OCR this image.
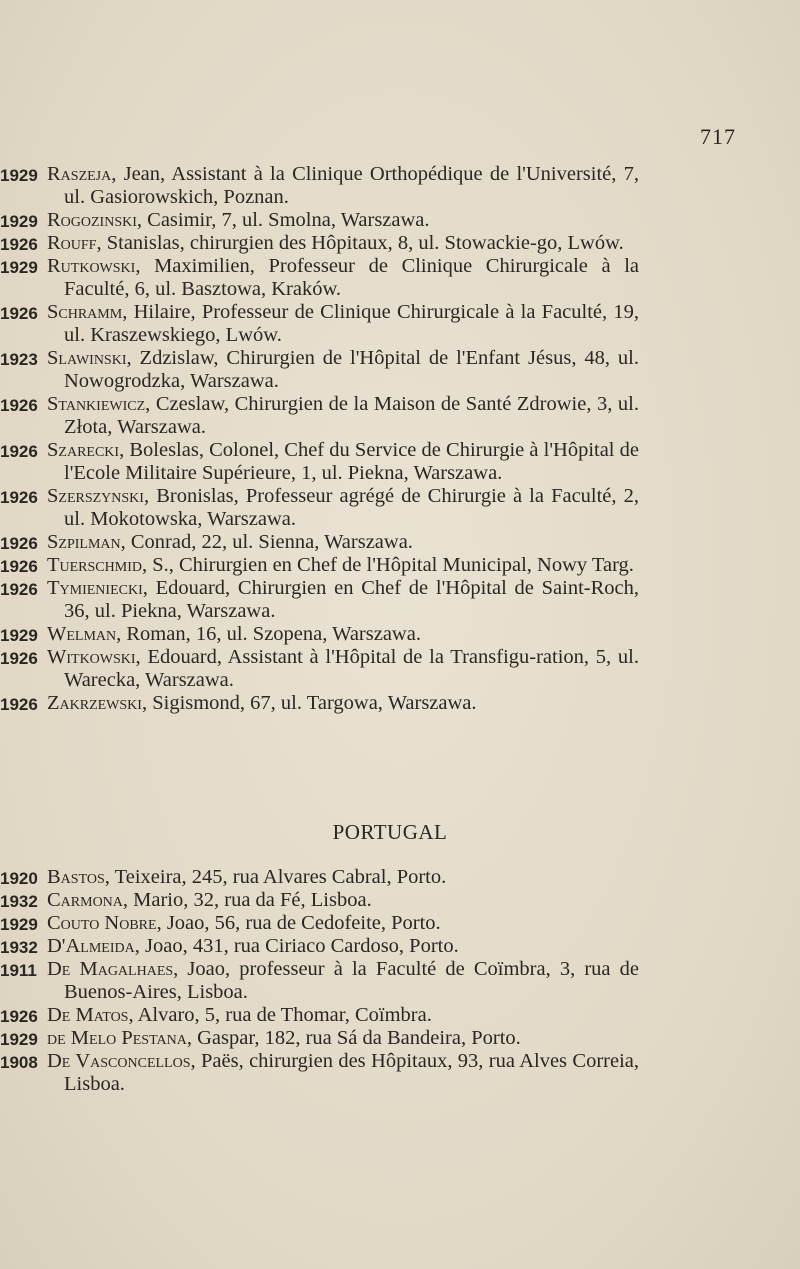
717
1929 Raszeja, Jean, Assistant à la Clinique Orthopédique de l'Université, 7, ul. Gasiorowskich, Poznan.
1929 Rogozinski, Casimir, 7, ul. Smolna, Warszawa.
1926 Rouff, Stanislas, chirurgien des Hôpitaux, 8, ul. Stowackie-go, Lwów.
1929 Rutkowski, Maximilien, Professeur de Clinique Chirurgicale à la Faculté, 6, ul. Basztowa, Kraków.
1926 Schramm, Hilaire, Professeur de Clinique Chirurgicale à la Faculté, 19, ul. Kraszewskiego, Lwów.
1923 Slawinski, Zdzislaw, Chirurgien de l'Hôpital de l'Enfant Jésus, 48, ul. Nowogrodzka, Warszawa.
1926 Stankiewicz, Czeslaw, Chirurgien de la Maison de Santé Zdrowie, 3, ul. Złota, Warszawa.
1926 Szarecki, Boleslas, Colonel, Chef du Service de Chirurgie à l'Hôpital de l'Ecole Militaire Supérieure, 1, ul. Piekna, Warszawa.
1926 Szerszynski, Bronislas, Professeur agrégé de Chirurgie à la Faculté, 2, ul. Mokotowska, Warszawa.
1926 Szpilman, Conrad, 22, ul. Sienna, Warszawa.
1926 Tuerschmid, S., Chirurgien en Chef de l'Hôpital Municipal, Nowy Targ.
1926 Tymieniecki, Edouard, Chirurgien en Chef de l'Hôpital de Saint-Roch, 36, ul. Piekna, Warszawa.
1929 Welman, Roman, 16, ul. Szopena, Warszawa.
1926 Witkowski, Edouard, Assistant à l'Hôpital de la Transfigu-ration, 5, ul. Warecka, Warszawa.
1926 Zakrzewski, Sigismond, 67, ul. Targowa, Warszawa.
PORTUGAL
1920 Bastos, Teixeira, 245, rua Alvares Cabral, Porto.
1932 Carmona, Mario, 32, rua da Fé, Lisboa.
1929 Couto Nobre, Joao, 56, rua de Cedofeite, Porto.
1932 D'Almeida, Joao, 431, rua Ciriaco Cardoso, Porto.
1911 De Magalhaes, Joao, professeur à la Faculté de Coïmbra, 3, rua de Buenos-Aires, Lisboa.
1926 De Matos, Alvaro, 5, rua de Thomar, Coïmbra.
1929 de Melo Pestana, Gaspar, 182, rua Sá da Bandeira, Porto.
1908 De Vasconcellos, Paës, chirurgien des Hôpitaux, 93, rua Alves Correia, Lisboa.
